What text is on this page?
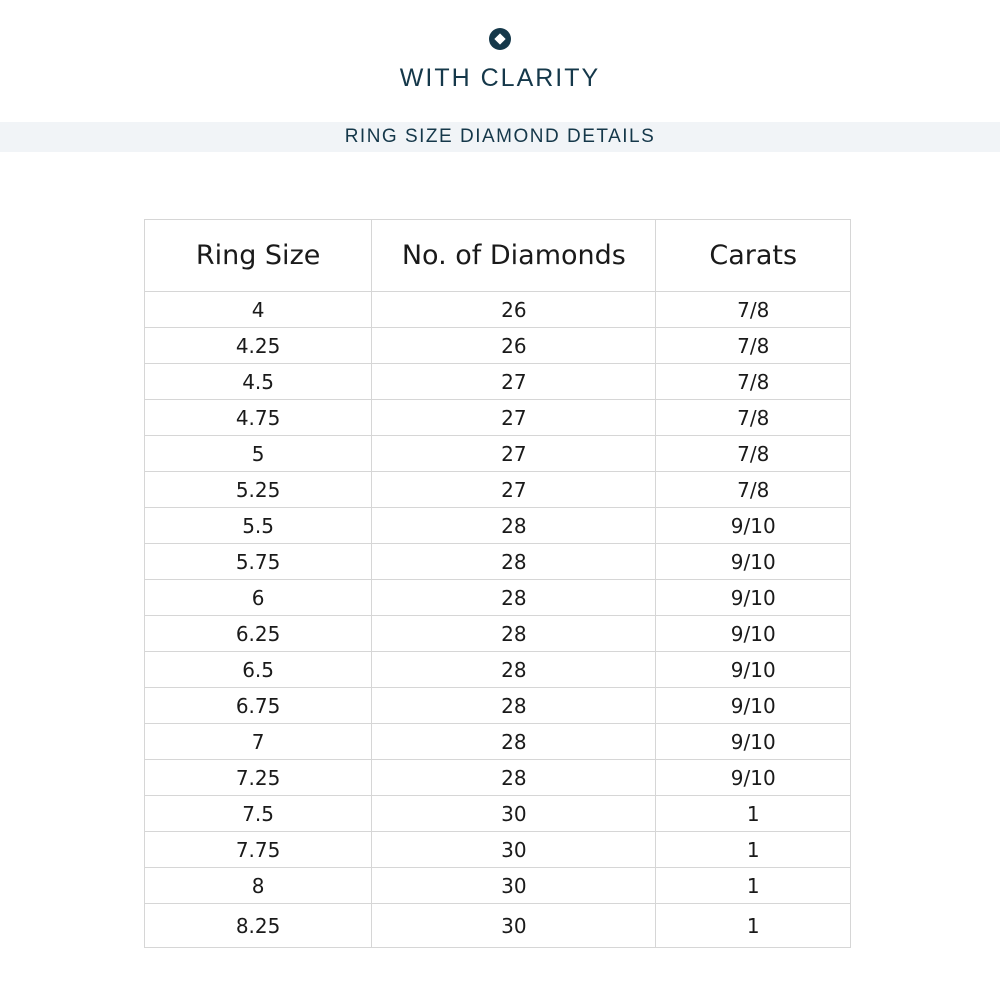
WITH CLARITY
RING SIZE DIAMOND DETAILS
Ring Size	No. of Diamonds	Carats
4	26	7/8
4.25	26	7/8
4.5	27	7/8
4.75	27	7/8
5	27	7/8
5.25	27	7/8
5.5	28	9/10
5.75	28	9/10
6	28	9/10
6.25	28	9/10
6.5	28	9/10
6.75	28	9/10
7	28	9/10
7.25	28	9/10
7.5	30	1
7.75	30	1
8	30	1
8.25	30	1
